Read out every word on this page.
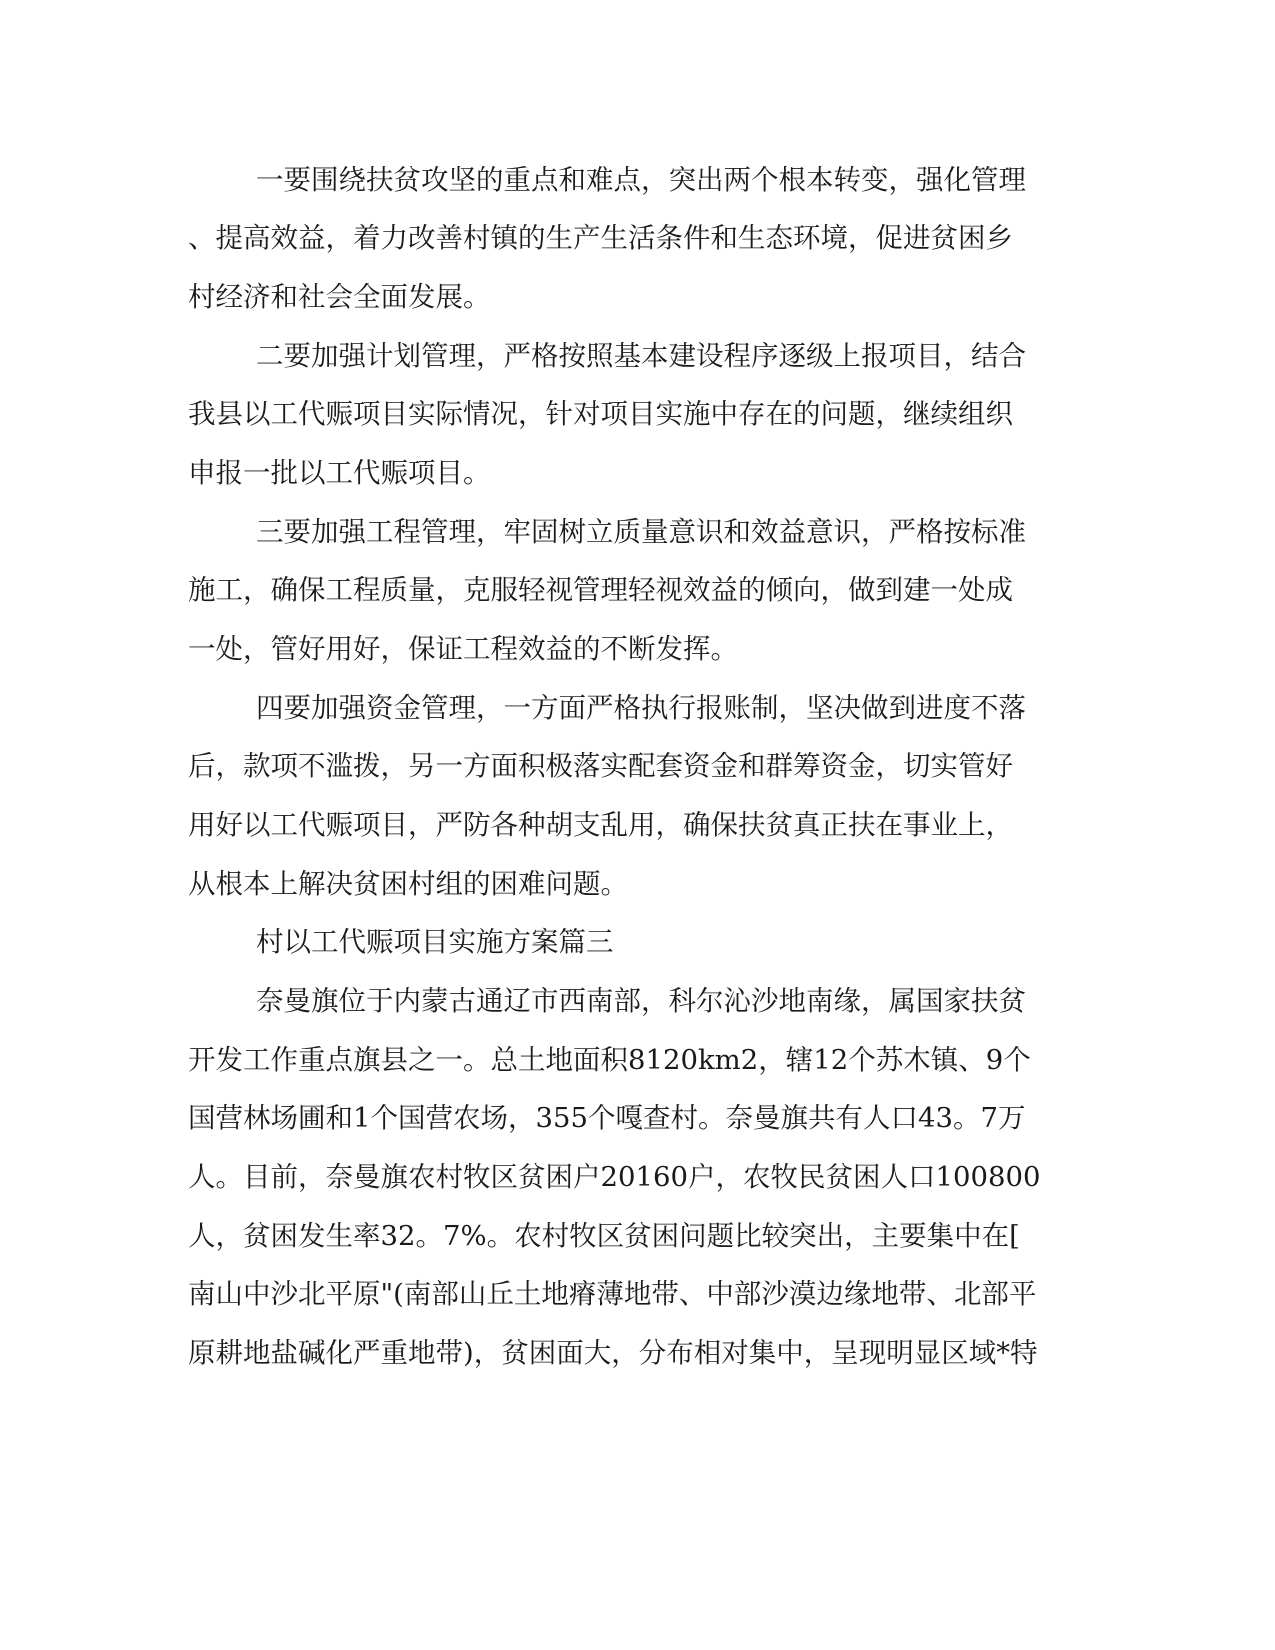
一要围绕扶贫攻坚的重点和难点，突出两个根本转变，强化管理
、提高效益，着力改善村镇的生产生活条件和生态环境，促进贫困乡
村经济和社会全面发展。
二要加强计划管理，严格按照基本建设程序逐级上报项目，结合
我县以工代赈项目实际情况，针对项目实施中存在的问题，继续组织
申报一批以工代赈项目。
三要加强工程管理，牢固树立质量意识和效益意识，严格按标准
施工，确保工程质量，克服轻视管理轻视效益的倾向，做到建一处成
一处，管好用好，保证工程效益的不断发挥。
四要加强资金管理，一方面严格执行报账制，坚决做到进度不落
后，款项不滥拨，另一方面积极落实配套资金和群筹资金，切实管好
用好以工代赈项目，严防各种胡支乱用，确保扶贫真正扶在事业上，
从根本上解决贫困村组的困难问题。
村以工代赈项目实施方案篇三
奈曼旗位于内蒙古通辽市西南部，科尔沁沙地南缘，属国家扶贫
开发工作重点旗县之一。总土地面积8120km2，辖12个苏木镇、9个
国营林场圃和1个国营农场，355个嘎查村。奈曼旗共有人口43。7万
人。目前，奈曼旗农村牧区贫困户20160户，农牧民贫困人口100800
人，贫困发生率32。7%。农村牧区贫困问题比较突出，主要集中在[
南山中沙北平原"(南部山丘土地瘠薄地带、中部沙漠边缘地带、北部平
原耕地盐碱化严重地带)，贫困面大，分布相对集中，呈现明显区域*特
